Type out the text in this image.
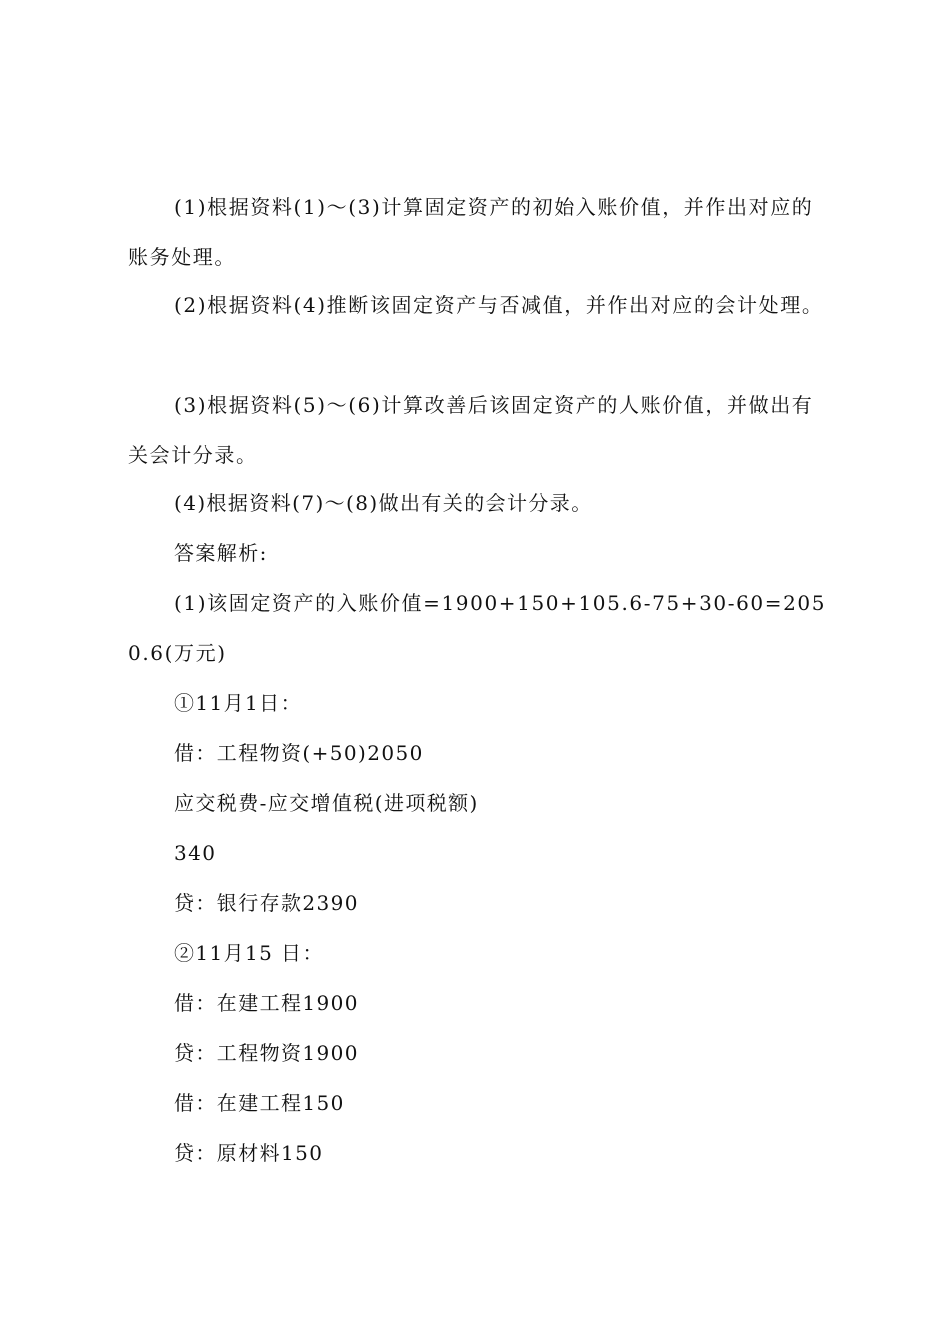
(1)根据资料(1)～(3)计算固定资产的初始入账价值，并作出对应的账务处理。

(2)根据资料(4)推断该固定资产与否减值，并作出对应的会计处理。

(3)根据资料(5)～(6)计算改善后该固定资产的人账价值，并做出有关会计分录。

(4)根据资料(7)～(8)做出有关的会计分录。

答案解析:

(1)该固定资产的入账价值=1900+150+105.6-75+30-60=2050.6(万元)

①11月1日：

借：工程物资(+50)2050

应交税费-应交增值税(进项税额)

340

贷：银行存款2390

②11月15 日：

借：在建工程1900

贷：工程物资1900

借：在建工程150

贷：原材料150
